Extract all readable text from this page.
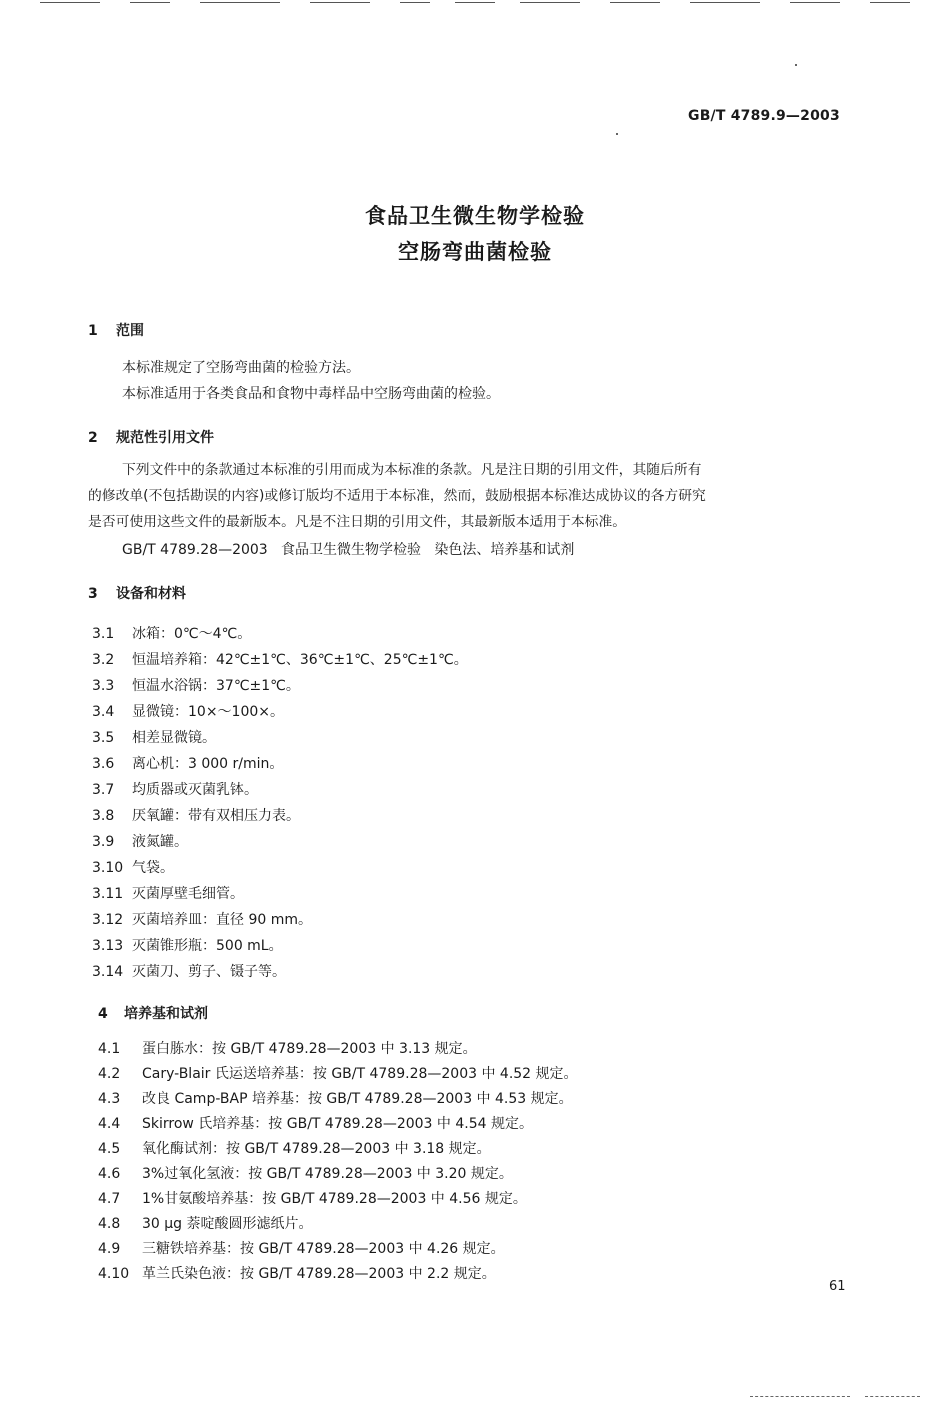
GB/T 4789.9—2003
食品卫生微生物学检验
空肠弯曲菌检验
1 范围
本标准规定了空肠弯曲菌的检验方法。
本标准适用于各类食品和食物中毒样品中空肠弯曲菌的检验。
2 规范性引用文件
下列文件中的条款通过本标准的引用而成为本标准的条款。凡是注日期的引用文件，其随后所有
的修改单(不包括勘误的内容)或修订版均不适用于本标准，然而，鼓励根据本标准达成协议的各方研究
是否可使用这些文件的最新版本。凡是不注日期的引用文件，其最新版本适用于本标准。
GB/T 4789.28—2003   食品卫生微生物学检验   染色法、培养基和试剂
3 设备和材料
3.1 冰箱：0℃～4℃。
3.2 恒温培养箱：42℃±1℃、36℃±1℃、25℃±1℃。
3.3 恒温水浴锅：37℃±1℃。
3.4 显微镜：10×～100×。
3.5 相差显微镜。
3.6 离心机：3 000 r/min。
3.7 均质器或灭菌乳钵。
3.8 厌氧罐：带有双相压力表。
3.9 液氮罐。
3.10 气袋。
3.11 灭菌厚壁毛细管。
3.12 灭菌培养皿：直径 90 mm。
3.13 灭菌锥形瓶：500 mL。
3.14 灭菌刀、剪子、镊子等。
4 培养基和试剂
4.1 蛋白胨水：按 GB/T 4789.28—2003 中 3.13 规定。
4.2 Cary-Blair 氏运送培养基：按 GB/T 4789.28—2003 中 4.52 规定。
4.3 改良 Camp-BAP 培养基：按 GB/T 4789.28—2003 中 4.53 规定。
4.4 Skirrow 氏培养基：按 GB/T 4789.28—2003 中 4.54 规定。
4.5 氧化酶试剂：按 GB/T 4789.28—2003 中 3.18 规定。
4.6 3%过氧化氢液：按 GB/T 4789.28—2003 中 3.20 规定。
4.7 1%甘氨酸培养基：按 GB/T 4789.28—2003 中 4.56 规定。
4.8 30 μg 萘啶酸圆形滤纸片。
4.9 三糖铁培养基：按 GB/T 4789.28—2003 中 4.26 规定。
4.10 革兰氏染色液：按 GB/T 4789.28—2003 中 2.2 规定。
61
